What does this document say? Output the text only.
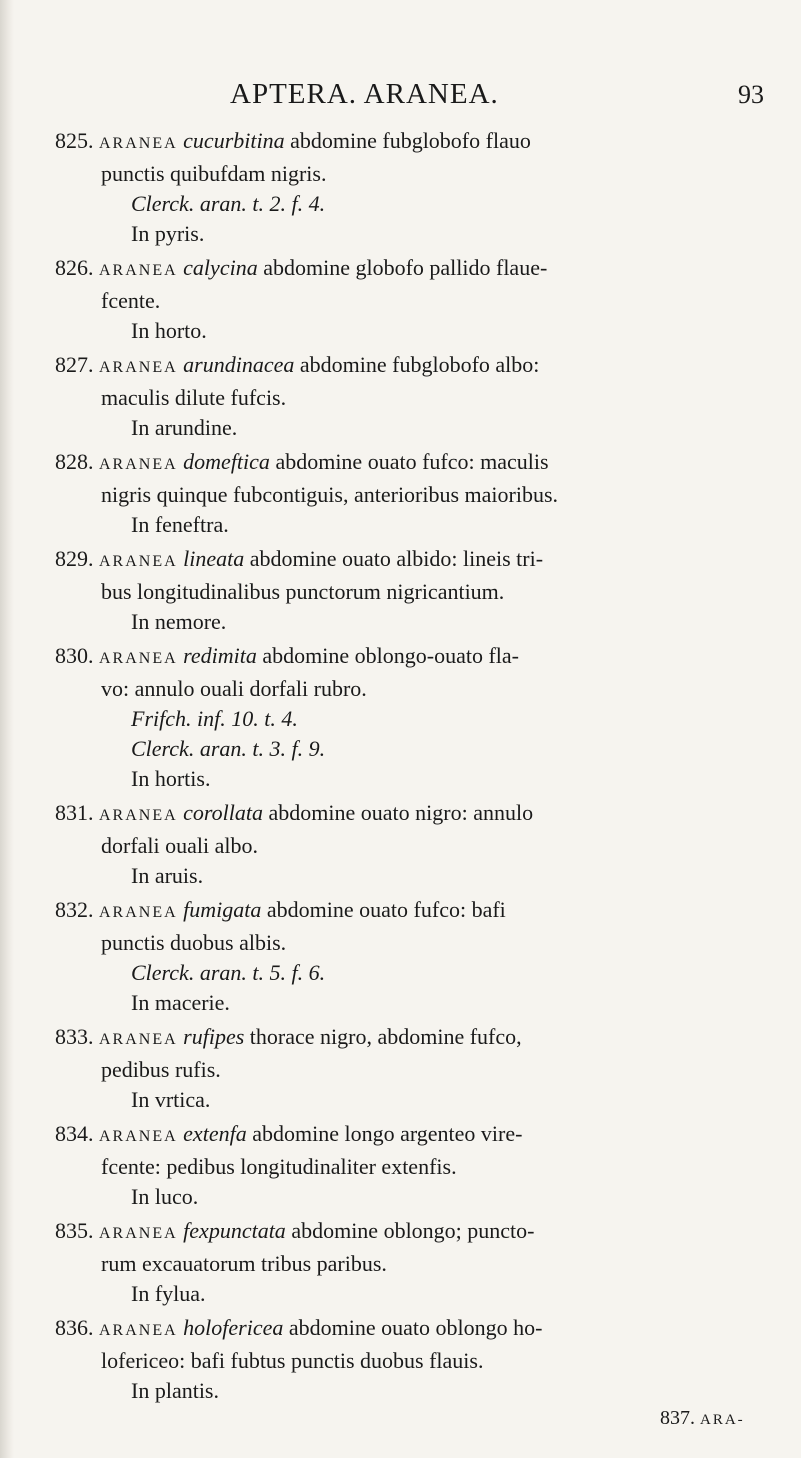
APTERA. ARANEA.	93
825. ARANEA cucurbitina abdomine fubglobofo flauo
punctis quibufdam nigris.
Clerck. aran. t. 2. f. 4.
In pyris.
826. ARANEA calycina abdomine globofo pallido flaue-
fcente.
In horto.
827. ARANEA arundinacea abdomine fubglobofo albo:
maculis dilute fufcis.
In arundine.
828. ARANEA domeftica abdomine ouato fufco: maculis
nigris quinque fubcontiguis, anterioribus maioribus.
In feneftra.
829. ARANEA lineata abdomine ouato albido: lineis tri-
bus longitudinalibus punctorum nigricantium.
In nemore.
830. ARANEA redimita abdomine oblongo-ouato fla-
vo: annulo ouali dorfali rubro.
Frifch. inf. 10. t. 4.
Clerck. aran. t. 3. f. 9.
In hortis.
831. ARANEA corollata abdomine ouato nigro: annulo
dorfali ouali albo.
In aruis.
832. ARANEA fumigata abdomine ouato fufco: bafi
punctis duobus albis.
Clerck. aran. t. 5. f. 6.
In macerie.
833. ARANEA rufipes thorace nigro, abdomine fufco,
pedibus rufis.
In vrtica.
834. ARANEA extenfa abdomine longo argenteo vire-
fcente: pedibus longitudinaliter extenfis.
In luco.
835. ARANEA fexpunctata abdomine oblongo; puncto-
rum excauatorum tribus paribus.
In fylua.
836. ARANEA holofericea abdomine ouato oblongo ho-
lofericeo: bafi fubtus punctis duobus flauis.
In plantis.
837. ARA-
